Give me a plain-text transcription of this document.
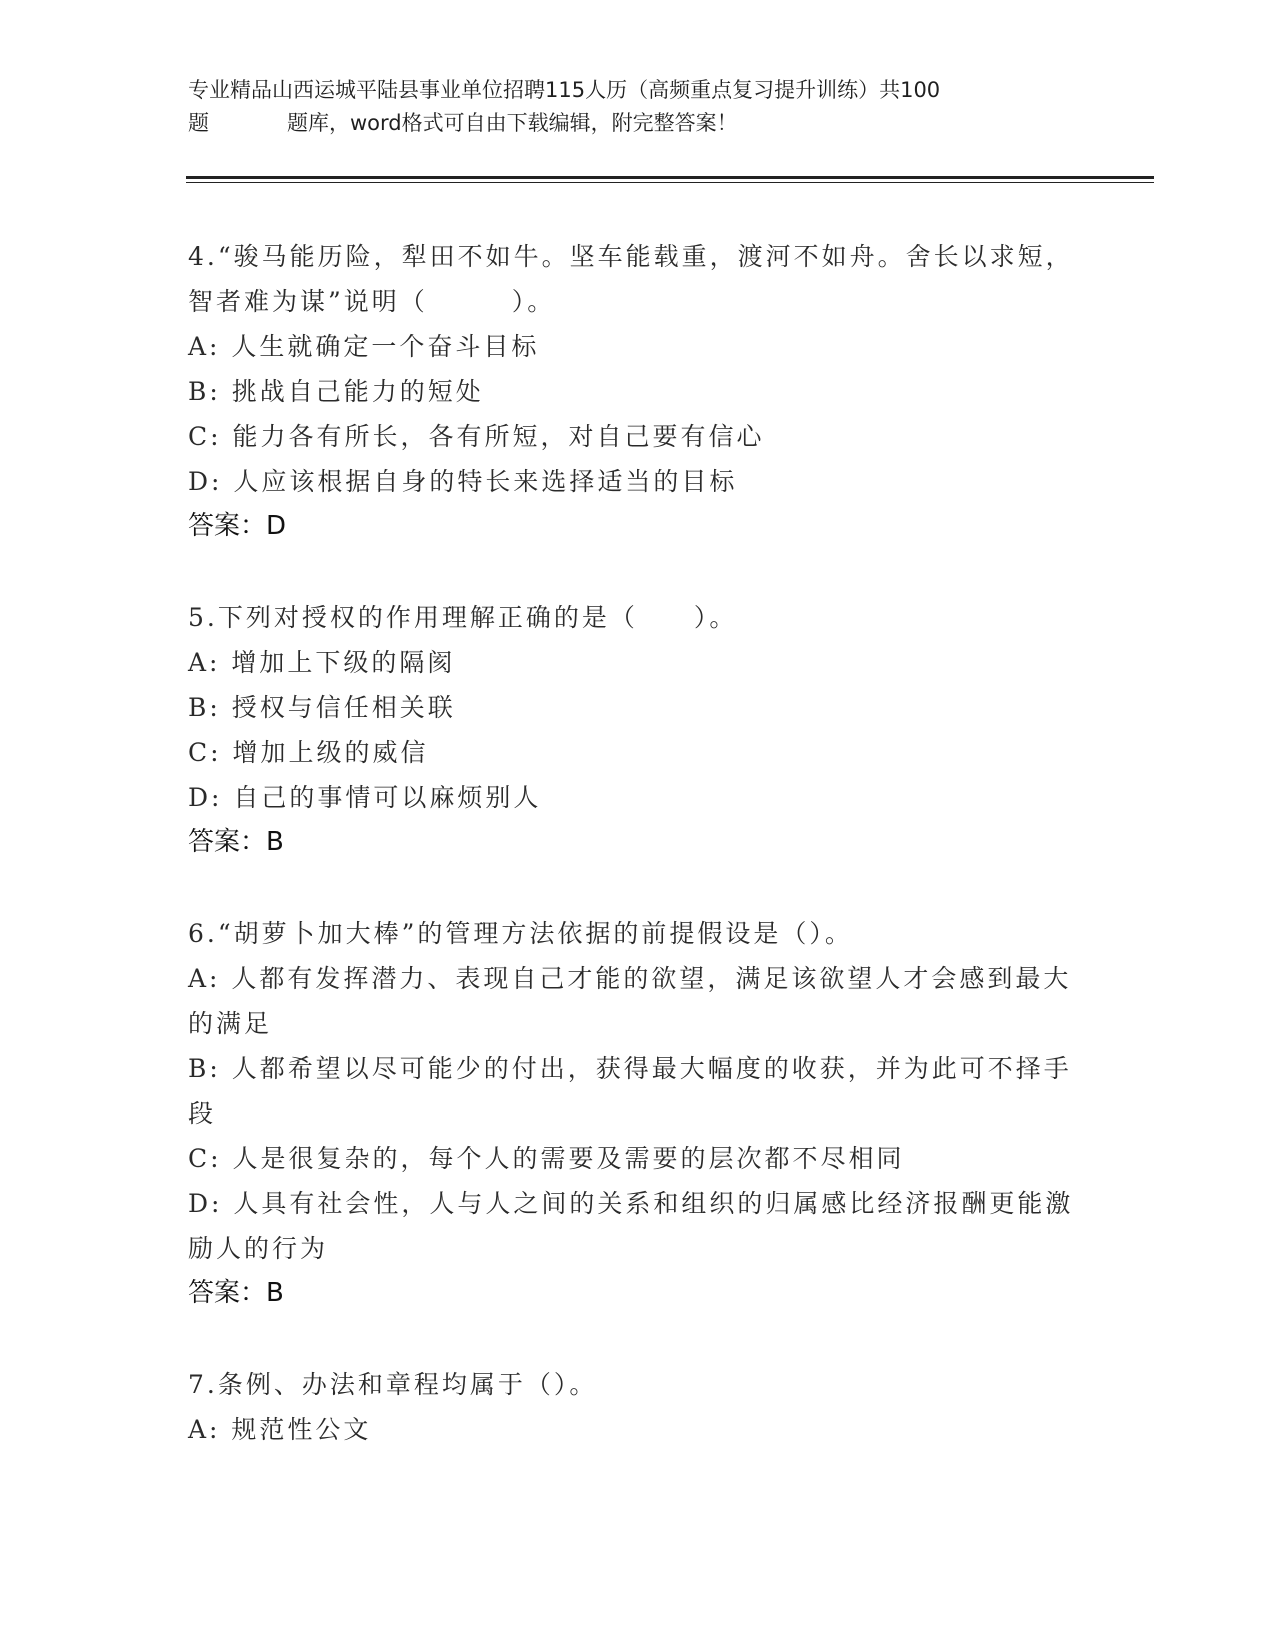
专业精品山西运城平陆县事业单位招聘115人历（高频重点复习提升训练）共100
题	题库，word格式可自由下载编辑，附完整答案！

4.“骏马能历险，犁田不如牛。坚车能载重，渡河不如舟。舍长以求短，智者难为谋”说明（　　　）。

A: 人生就确定一个奋斗目标

B: 挑战自己能力的短处

C: 能力各有所长，各有所短，对自己要有信心

D: 人应该根据自身的特长来选择适当的目标

答案：D

5.下列对授权的作用理解正确的是（　　）。

A: 增加上下级的隔阂

B: 授权与信任相关联

C: 增加上级的威信

D: 自己的事情可以麻烦别人

答案：B

6.“胡萝卜加大棒”的管理方法依据的前提假设是（）。

A: 人都有发挥潜力、表现自己才能的欲望，满足该欲望人才会感到最大的满足

B: 人都希望以尽可能少的付出，获得最大幅度的收获，并为此可不择手段

C: 人是很复杂的，每个人的需要及需要的层次都不尽相同

D: 人具有社会性，人与人之间的关系和组织的归属感比经济报酬更能激励人的行为

答案：B

7.条例、办法和章程均属于（）。

A: 规范性公文
